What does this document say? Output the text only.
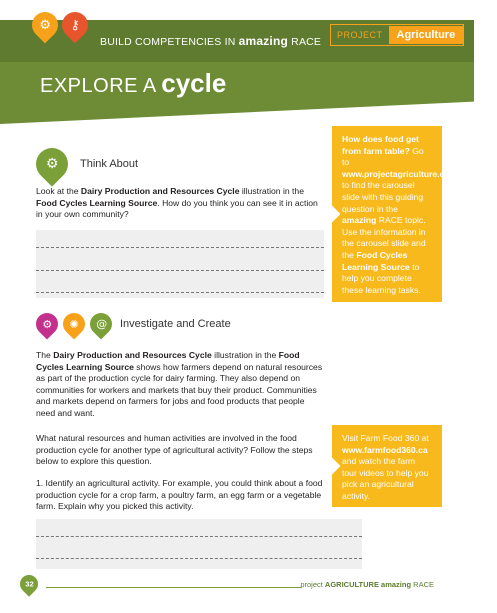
⚙ ⚷
BUILD COMPETENCIES IN amazing RACE
PROJECT	Agriculture
EXPLORE A cycle
How does food get from farm table? Go to www.projectagriculture.ca/elementary to find the carousel slide with this guiding question in the amazing RACE topic. Use the information in the carousel slide and the Food Cycles Learning Source to help you complete these learning tasks.
⚙ Think About
Look at the Dairy Production and Resources Cycle illustration in the Food Cycles Learning Source. How do you think you can see it in action in your own community?
⚙ ✺ @ Investigate and Create
The Dairy Production and Resources Cycle illustration in the Food Cycles Learning Source shows how farmers depend on natural resources as part of the production cycle for dairy farming. They also depend on communities for workers and markets that buy their product. Communities and markets depend on farmers for jobs and food products that people need and want.
What natural resources and human activities are involved in the food production cycle for another type of agricultural activity? Follow the steps below to explore this question.
1. Identify an agricultural activity. For example, you could think about a food production cycle for a crop farm, a poultry farm, an egg farm or a vegetable farm. Explain why you picked this activity.
Visit Farm Food 360 at www.farmfood360.ca and watch the farm tour videos to help you pick an agricultural activity.
32	project AGRICULTURE amazing RACE
